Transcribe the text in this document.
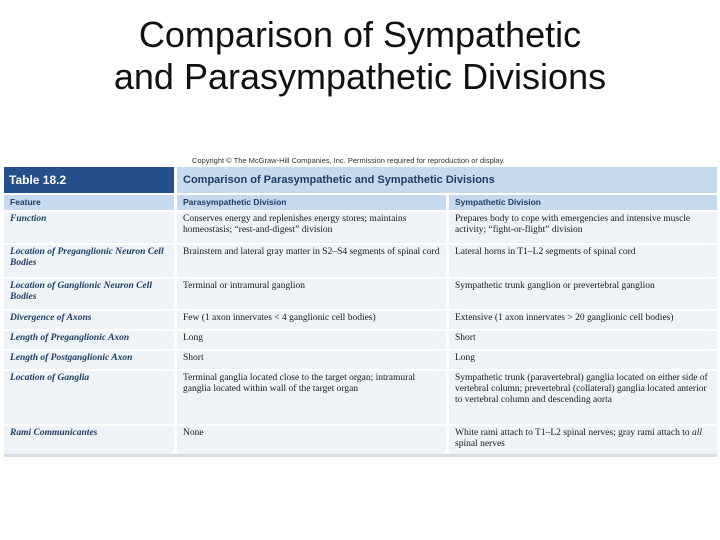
Comparison of Sympathetic
and Parasympathetic Divisions
Copyright © The McGraw-Hill Companies, Inc. Permission required for reproduction or display.
Table 18.2	Comparison of Parasympathetic and Sympathetic Divisions
Feature	Parasympathetic Division	Sympathetic Division
Function	Conserves energy and replenishes energy stores; maintains homeostasis; “rest-and-digest” division	Prepares body to cope with emergencies and intensive muscle activity; “fight-or-flight” division
Location of Preganglionic Neuron Cell Bodies	Brainstem and lateral gray matter in S2–S4 segments of spinal cord	Lateral horns in T1–L2 segments of spinal cord
Location of Ganglionic Neuron Cell Bodies	Terminal or intramural ganglion	Sympathetic trunk ganglion or prevertebral ganglion
Divergence of Axons	Few (1 axon innervates < 4 ganglionic cell bodies)	Extensive (1 axon innervates > 20 ganglionic cell bodies)
Length of Preganglionic Axon	Long	Short
Length of Postganglionic Axon	Short	Long
Location of Ganglia	Terminal ganglia located close to the target organ; intramural ganglia located within wall of the target organ	Sympathetic trunk (paravertebral) ganglia located on either side of vertebral column; prevertebral (collateral) ganglia located anterior to vertebral column and descending aorta
Rami Communicantes	None	White rami attach to T1–L2 spinal nerves; gray rami attach to all spinal nerves
